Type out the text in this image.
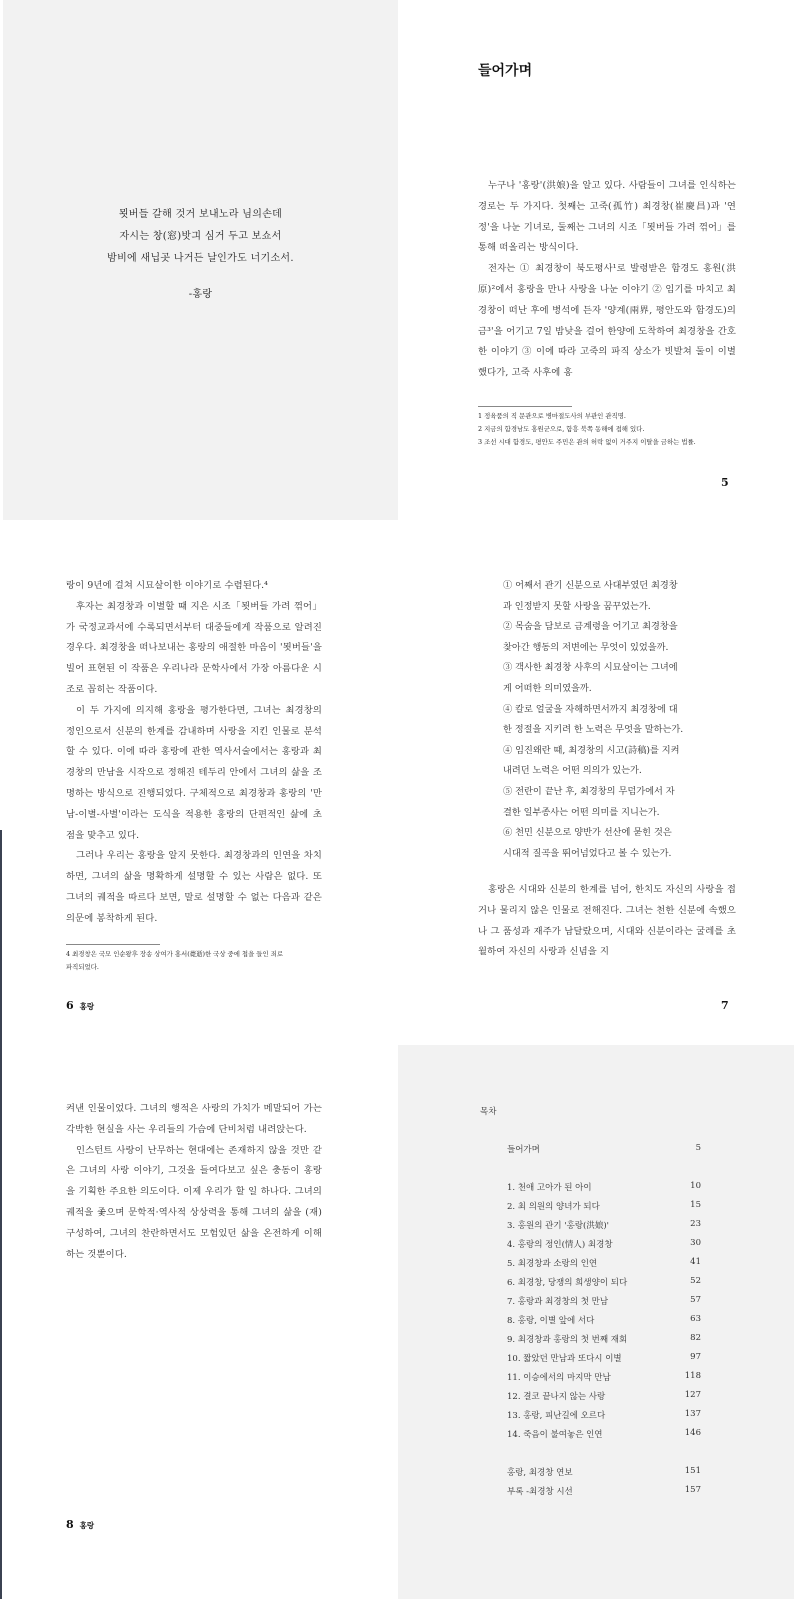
묏버들 갈해 것거 보내노라 님의손데
자시는 창(窓)밧긔 심거 두고 보쇼서
밤비에 새닙곳 나거든 날인가도 너기소서.
-홍랑
들어가며

누구나 '홍랑'(洪娘)을 알고 있다. 사람들이 그녀를 인식하는 경로는 두 가지다. 첫째는 고죽(孤竹) 최경창(崔慶昌)과 '연정'을 나눈 기녀로, 둘째는 그녀의 시조「묏버들 가려 꺾어」를 통해 떠올리는 방식이다.

전자는 ① 최경창이 북도평사¹로 발령받은 함경도 홍원(洪原)²에서 홍랑을 만나 사랑을 나눈 이야기 ② 임기를 마치고 최경창이 떠난 후에 병석에 든자 '양계(兩界, 평안도와 함경도)의 금³'을 어기고 7일 밤낮을 걸어 한양에 도착하여 최경창을 간호한 이야기 ③ 이에 따라 고죽의 파직 상소가 빗발쳐 둘이 이별했다가, 고죽 사후에 홍

1 정육품의 직 문관으로 병마절도사의 부관인 관직명.
2 지금의 함경남도 홍원군으로, 함흥 북쪽 동해에 접해 있다.
3 조선 시대 함경도, 평안도 주민은 관의 허락 없이 거주지 이탈을 금하는 법률.
5

랑이 9년에 걸쳐 시묘살이한 이야기로 수렴된다.⁴

후자는 최경창과 이별할 때 지은 시조「묏버들 가려 꺾어」가 국정교과서에 수록되면서부터 대중들에게 작품으로 알려진 경우다. 최경창을 떠나보내는 홍랑의 애절한 마음이 '묏버들'을 빌어 표현된 이 작품은 우리나라 문학사에서 가장 아름다운 시조로 꼽히는 작품이다.

이 두 가지에 의지해 홍랑을 평가한다면, 그녀는 최경창의 정인으로서 신분의 한계를 감내하며 사랑을 지킨 인물로 분석할 수 있다. 이에 따라 홍랑에 관한 역사서술에서는 홍랑과 최경창의 만남을 시작으로 정해진 테두리 안에서 그녀의 삶을 조명하는 방식으로 진행되었다. 구체적으로 최경창과 홍랑의 '만남-이별-사별'이라는 도식을 적용한 홍랑의 단편적인 삶에 초점을 맞추고 있다.

그러나 우리는 홍랑을 알지 못한다. 최경창과의 인연을 차치하면, 그녀의 삶을 명확하게 설명할 수 있는 사람은 없다. 또 그녀의 궤적을 따르다 보면, 말로 설명할 수 없는 다음과 같은 의문에 봉착하게 된다.

4 최경창은 국모 인순왕후 장송 상여가 홍서(薨逝)한 국상 중에 첩을 들인 죄로
파직되었다.
6 홍랑
① 어째서 관기 신분으로 사대부였던 최경창
과 인정받지 못할 사랑을 꿈꾸었는가.
② 목숨을 담보로 금계령을 어기고 최경창을
찾아간 행동의 저변에는 무엇이 있었을까.
③ 객사한 최경창 사후의 시묘살이는 그녀에
게 어떠한 의미였을까.
④ 칼로 얼굴을 자해하면서까지 최경창에 대
한 정절을 지키려 한 노력은 무엇을 말하는가.
④ 임진왜란 때, 최경창의 시고(詩稿)를 지켜
내려던 노력은 어떤 의의가 있는가.
⑤ 전란이 끝난 후, 최경창의 무덤가에서 자
결한 일부종사는 어떤 의미를 지니는가.
⑥ 천민 신분으로 양반가 선산에 묻힌 것은
시대적 질곡을 뛰어넘었다고 볼 수 있는가.

홍랑은 시대와 신분의 한계를 넘어, 한치도 자신의 사랑을 접거나 물리지 않은 인물로 전해진다. 그녀는 천한 신분에 속했으나 그 품성과 재주가 남달랐으며, 시대와 신분이라는 굴레를 초월하여 자신의 사랑과 신념을 지

7

켜낸 인물이었다. 그녀의 행적은 사랑의 가치가 메말되어 가는 각박한 현실을 사는 우리들의 가슴에 단비처럼 내려앉는다.

인스턴트 사랑이 난무하는 현대에는 존재하지 않을 것만 같은 그녀의 사랑 이야기, 그것을 들여다보고 싶은 충동이 홍랑을 기획한 주요한 의도이다. 이제 우리가 할 일 하나다. 그녀의 궤적을 좇으며 문학적·역사적 상상력을 통해 그녀의 삶을 (재)구성하여, 그녀의 찬란하면서도 모험있던 삶을 온전하게 이해하는 것뿐이다.

8 홍랑
목차
들어가며	5
1. 천애 고아가 된 아이	10
2. 최 의원의 양녀가 되다	15
3. 홍원의 관기 '홍랑(洪娘)'	23
4. 홍랑의 정인(情人) 최경창	30
5. 최경창과 소랑의 인연	41
6. 최경창, 당쟁의 희생양이 되다	52
7. 홍랑과 최경창의 첫 만남	57
8. 홍랑, 이별 앞에 서다	63
9. 최경창과 홍랑의 첫 번째 재회	82
10. 짧았던 만남과 또다시 이별	97
11. 이승에서의 마지막 만남	118
12. 결코 끝나지 않는 사랑	127
13. 홍랑, 피난길에 오르다	137
14. 죽음이 불여놓은 인연	146
홍랑, 최경창 연보	151
부록 -최경창 시선	157
